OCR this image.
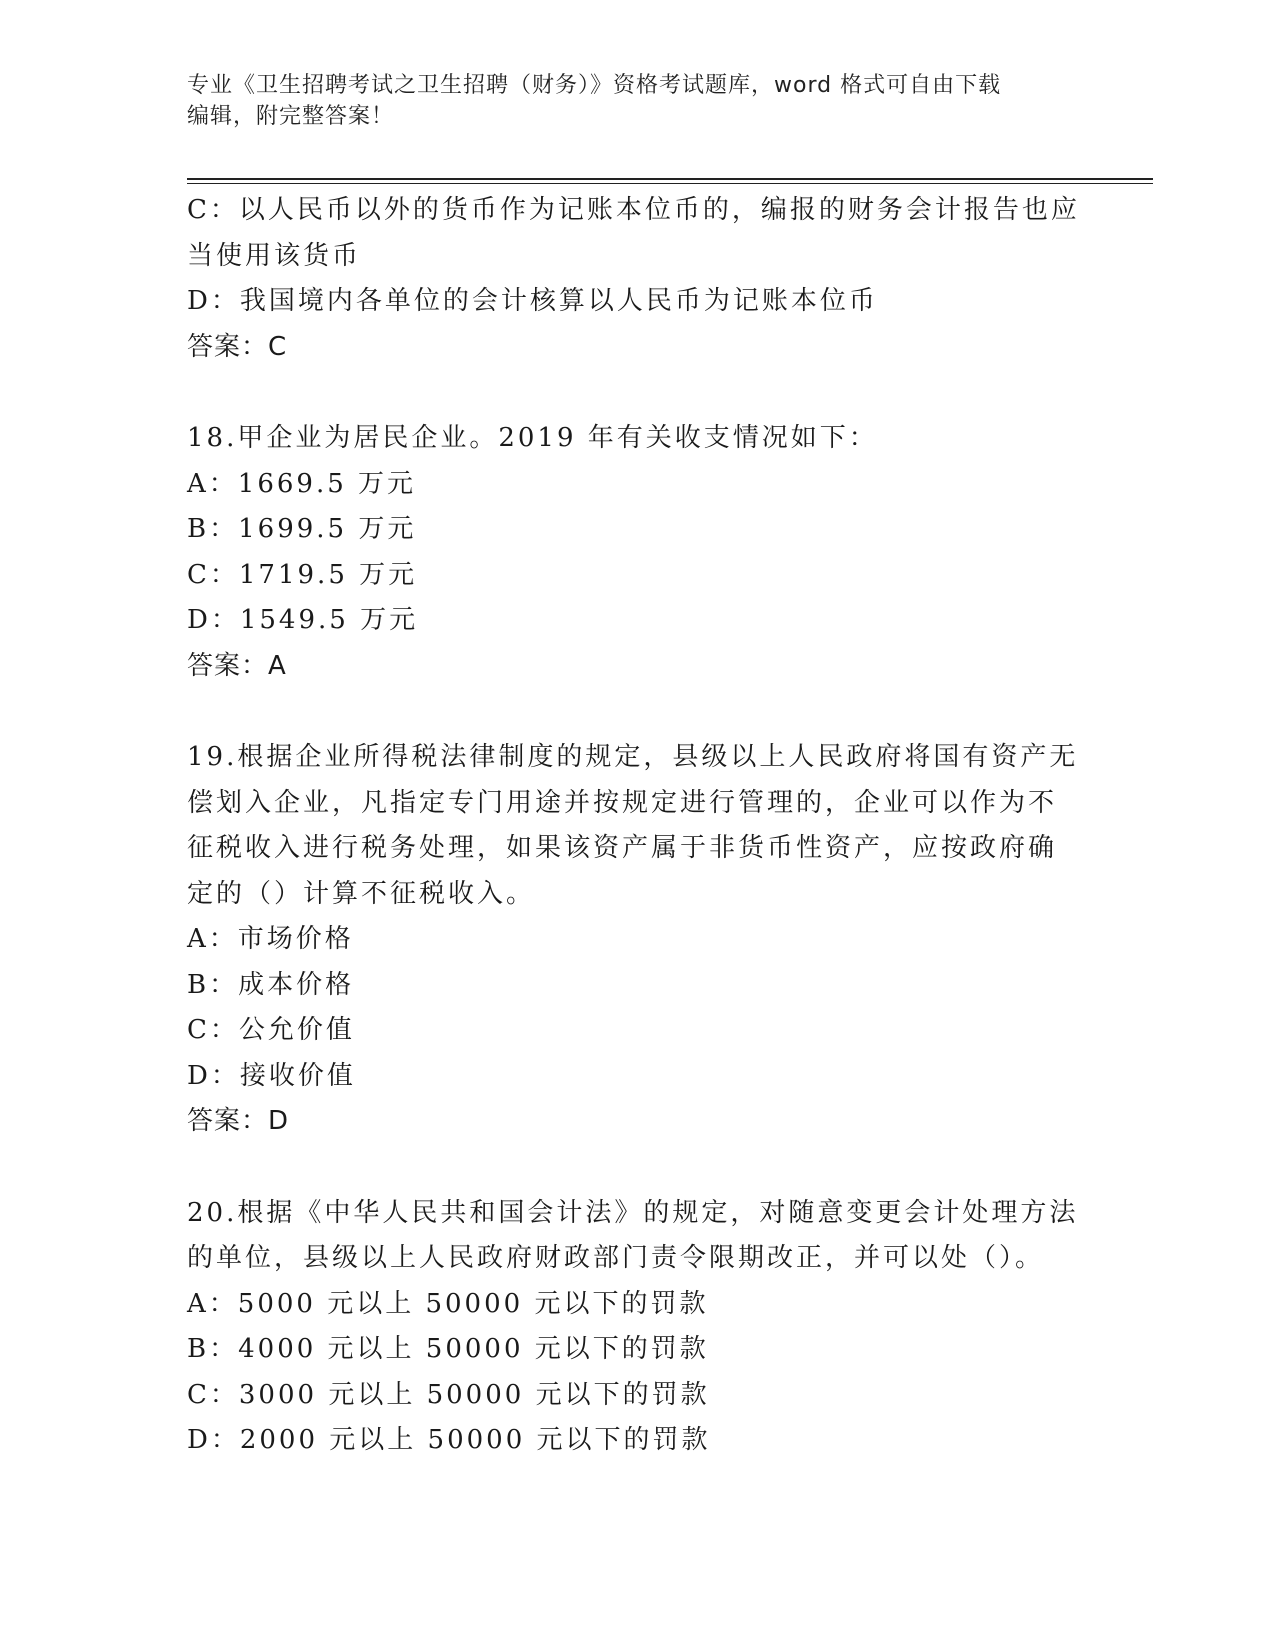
专业《卫生招聘考试之卫生招聘（财务）》资格考试题库，word 格式可自由下载
编辑，附完整答案！
C：以人民币以外的货币作为记账本位币的，编报的财务会计报告也应
当使用该货币
D：我国境内各单位的会计核算以人民币为记账本位币
答案：C
18.甲企业为居民企业。2019 年有关收支情况如下：
A：1669.5 万元
B：1699.5 万元
C：1719.5 万元
D：1549.5 万元
答案：A
19.根据企业所得税法律制度的规定，县级以上人民政府将国有资产无
偿划入企业，凡指定专门用途并按规定进行管理的，企业可以作为不
征税收入进行税务处理，如果该资产属于非货币性资产，应按政府确
定的（）计算不征税收入。
A：市场价格
B：成本价格
C：公允价值
D：接收价值
答案：D
20.根据《中华人民共和国会计法》的规定，对随意变更会计处理方法
的单位，县级以上人民政府财政部门责令限期改正，并可以处（）。
A：5000 元以上 50000 元以下的罚款
B：4000 元以上 50000 元以下的罚款
C：3000 元以上 50000 元以下的罚款
D：2000 元以上 50000 元以下的罚款
